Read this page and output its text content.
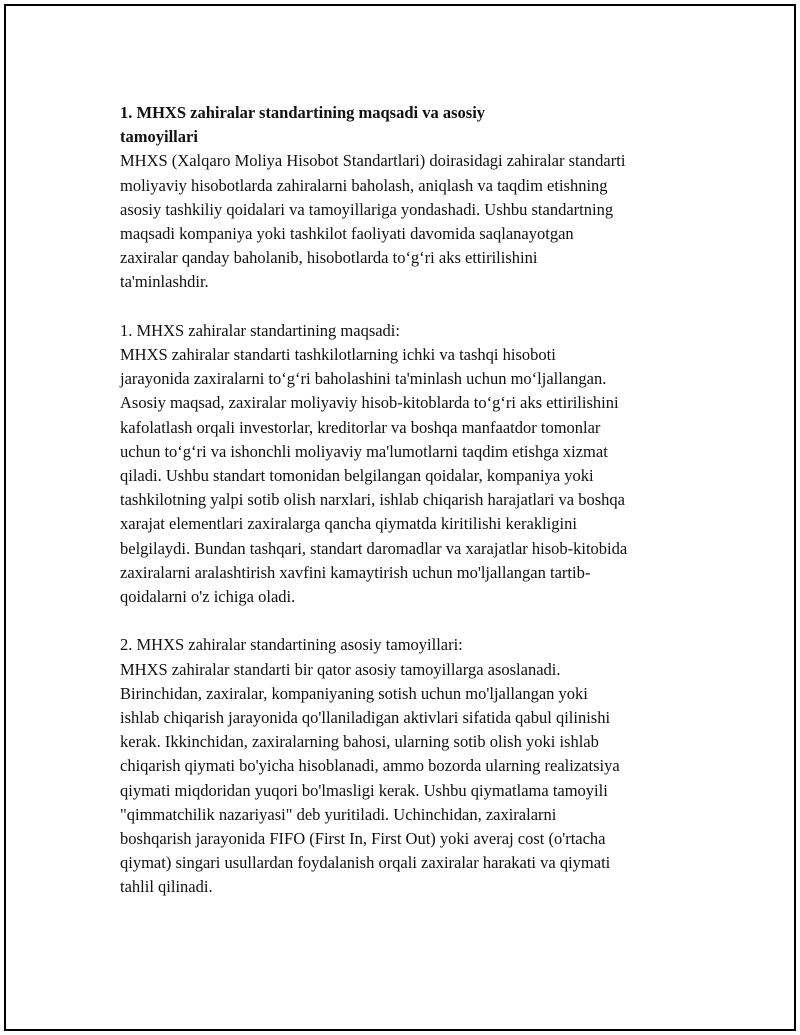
1. MHXS zahiralar standartining maqsadi va asosiy
tamoyillari
MHXS (Xalqaro Moliya Hisobot Standartlari) doirasidagi zahiralar standarti
moliyaviy hisobotlarda zahiralarni baholash, aniqlash va taqdim etishning
asosiy tashkiliy qoidalari va tamoyillariga yondashadi. Ushbu standartning
maqsadi kompaniya yoki tashkilot faoliyati davomida saqlanayotgan
zaxiralar qanday baholanib, hisobotlarda to‘g‘ri aks ettirilishini
ta'minlashdir.
1. MHXS zahiralar standartining maqsadi:
MHXS zahiralar standarti tashkilotlarning ichki va tashqi hisoboti
jarayonida zaxiralarni to‘g‘ri baholashini ta'minlash uchun mo‘ljallangan.
Asosiy maqsad, zaxiralar moliyaviy hisob-kitoblarda to‘g‘ri aks ettirilishini
kafolatlash orqali investorlar, kreditorlar va boshqa manfaatdor tomonlar
uchun to‘g‘ri va ishonchli moliyaviy ma'lumotlarni taqdim etishga xizmat
qiladi. Ushbu standart tomonidan belgilangan qoidalar, kompaniya yoki
tashkilotning yalpi sotib olish narxlari, ishlab chiqarish harajatlari va boshqa
xarajat elementlari zaxiralarga qancha qiymatda kiritilishi kerakligini
belgilaydi. Bundan tashqari, standart daromadlar va xarajatlar hisob-kitobida
zaxiralarni aralashtirish xavfini kamaytirish uchun mo'ljallangan tartib-
qoidalarni o'z ichiga oladi.
2. MHXS zahiralar standartining asosiy tamoyillari:
MHXS zahiralar standarti bir qator asosiy tamoyillarga asoslanadi.
Birinchidan, zaxiralar, kompaniyaning sotish uchun mo'ljallangan yoki
ishlab chiqarish jarayonida qo'llaniladigan aktivlari sifatida qabul qilinishi
kerak. Ikkinchidan, zaxiralarning bahosi, ularning sotib olish yoki ishlab
chiqarish qiymati bo'yicha hisoblanadi, ammo bozorda ularning realizatsiya
qiymati miqdoridan yuqori bo'lmasligi kerak. Ushbu qiymatlama tamoyili
"qimmatchilik nazariyasi" deb yuritiladi. Uchinchidan, zaxiralarni
boshqarish jarayonida FIFO (First In, First Out) yoki averaj cost (o'rtacha
qiymat) singari usullardan foydalanish orqali zaxiralar harakati va qiymati
tahlil qilinadi.
